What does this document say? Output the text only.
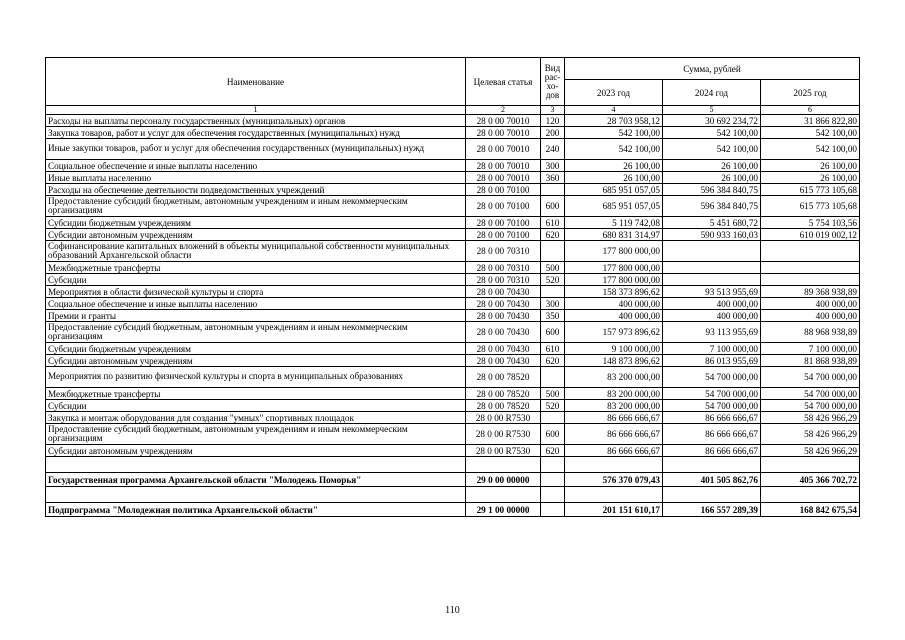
Наименование	Целевая статья	Вид
рас-
хо-
дов	Сумма, рублей		
			2023 год	2024 год	2025 год
1	2	3	4	5	6
Расходы на выплаты персоналу государственных (муниципальных) органов	28 0 00 70010	120	28 703 958,12	30 692 234,72	31 866 822,80
Закупка товаров, работ и услуг для обеспечения государственных (муниципальных) нужд	28 0 00 70010	200	542 100,00	542 100,00	542 100,00
Иные закупки товаров, работ и услуг для обеспечения государственных (муниципальных) нужд	28 0 00 70010	240	542 100,00	542 100,00	542 100,00
Социальное обеспечение и иные выплаты населению	28 0 00 70010	300	26 100,00	26 100,00	26 100,00
Иные выплаты населению	28 0 00 70010	360	26 100,00	26 100,00	26 100,00
Расходы на обеспечение деятельности подведомственных учреждений	28 0 00 70100		685 951 057,05	596 384 840,75	615 773 105,68
Предоставление субсидий бюджетным, автономным учреждениям и иным некоммерческим организациям	28 0 00 70100	600	685 951 057,05	596 384 840,75	615 773 105,68
Субсидии бюджетным учреждениям	28 0 00 70100	610	5 119 742,08	5 451 680,72	5 754 103,56
Субсидии автономным учреждениям	28 0 00 70100	620	680 831 314,97	590 933 160,03	610 019 002,12
Софинансирование капитальных вложений в объекты муниципальной собственности муниципальных образований Архангельской области	28 0 00 70310		177 800 000,00		
Межбюджетные трансферты	28 0 00 70310	500	177 800 000,00		
Субсидии	28 0 00 70310	520	177 800 000,00		
Мероприятия в области физической культуры и спорта	28 0 00 70430		158 373 896,62	93 513 955,69	89 368 938,89
Социальное обеспечение и иные выплаты населению	28 0 00 70430	300	400 000,00	400 000,00	400 000,00
Премии и гранты	28 0 00 70430	350	400 000,00	400 000,00	400 000,00
Предоставление субсидий бюджетным, автономным учреждениям и иным некоммерческим организациям	28 0 00 70430	600	157 973 896,62	93 113 955,69	88 968 938,89
Субсидии бюджетным учреждениям	28 0 00 70430	610	9 100 000,00	7 100 000,00	7 100 000,00
Субсидии автономным учреждениям	28 0 00 70430	620	148 873 896,62	86 013 955,69	81 868 938,89
Мероприятия по развитию физической культуры и спорта в муниципальных образованиях	28 0 00 78520		83 200 000,00	54 700 000,00	54 700 000,00
Межбюджетные трансферты	28 0 00 78520	500	83 200 000,00	54 700 000,00	54 700 000,00
Субсидии	28 0 00 78520	520	83 200 000,00	54 700 000,00	54 700 000,00
Закупка и монтаж оборудования для создания "умных" спортивных площадок	28 0 00 R7530		86 666 666,67	86 666 666,67	58 426 966,29
Предоставление субсидий бюджетным, автономным учреждениям и иным некоммерческим организациям	28 0 00 R7530	600	86 666 666,67	86 666 666,67	58 426 966,29
Субсидии автономным учреждениям	28 0 00 R7530	620	86 666 666,67	86 666 666,67	58 426 966,29

Государственная программа Архангельской области "Молодежь Поморья"	29 0 00 00000		576 370 079,43	401 505 862,76	405 366 702,72

Подпрограмма "Молодежная политика Архангельской области"	29 1 00 00000		201 151 610,17	166 557 289,39	168 842 675,54
110
